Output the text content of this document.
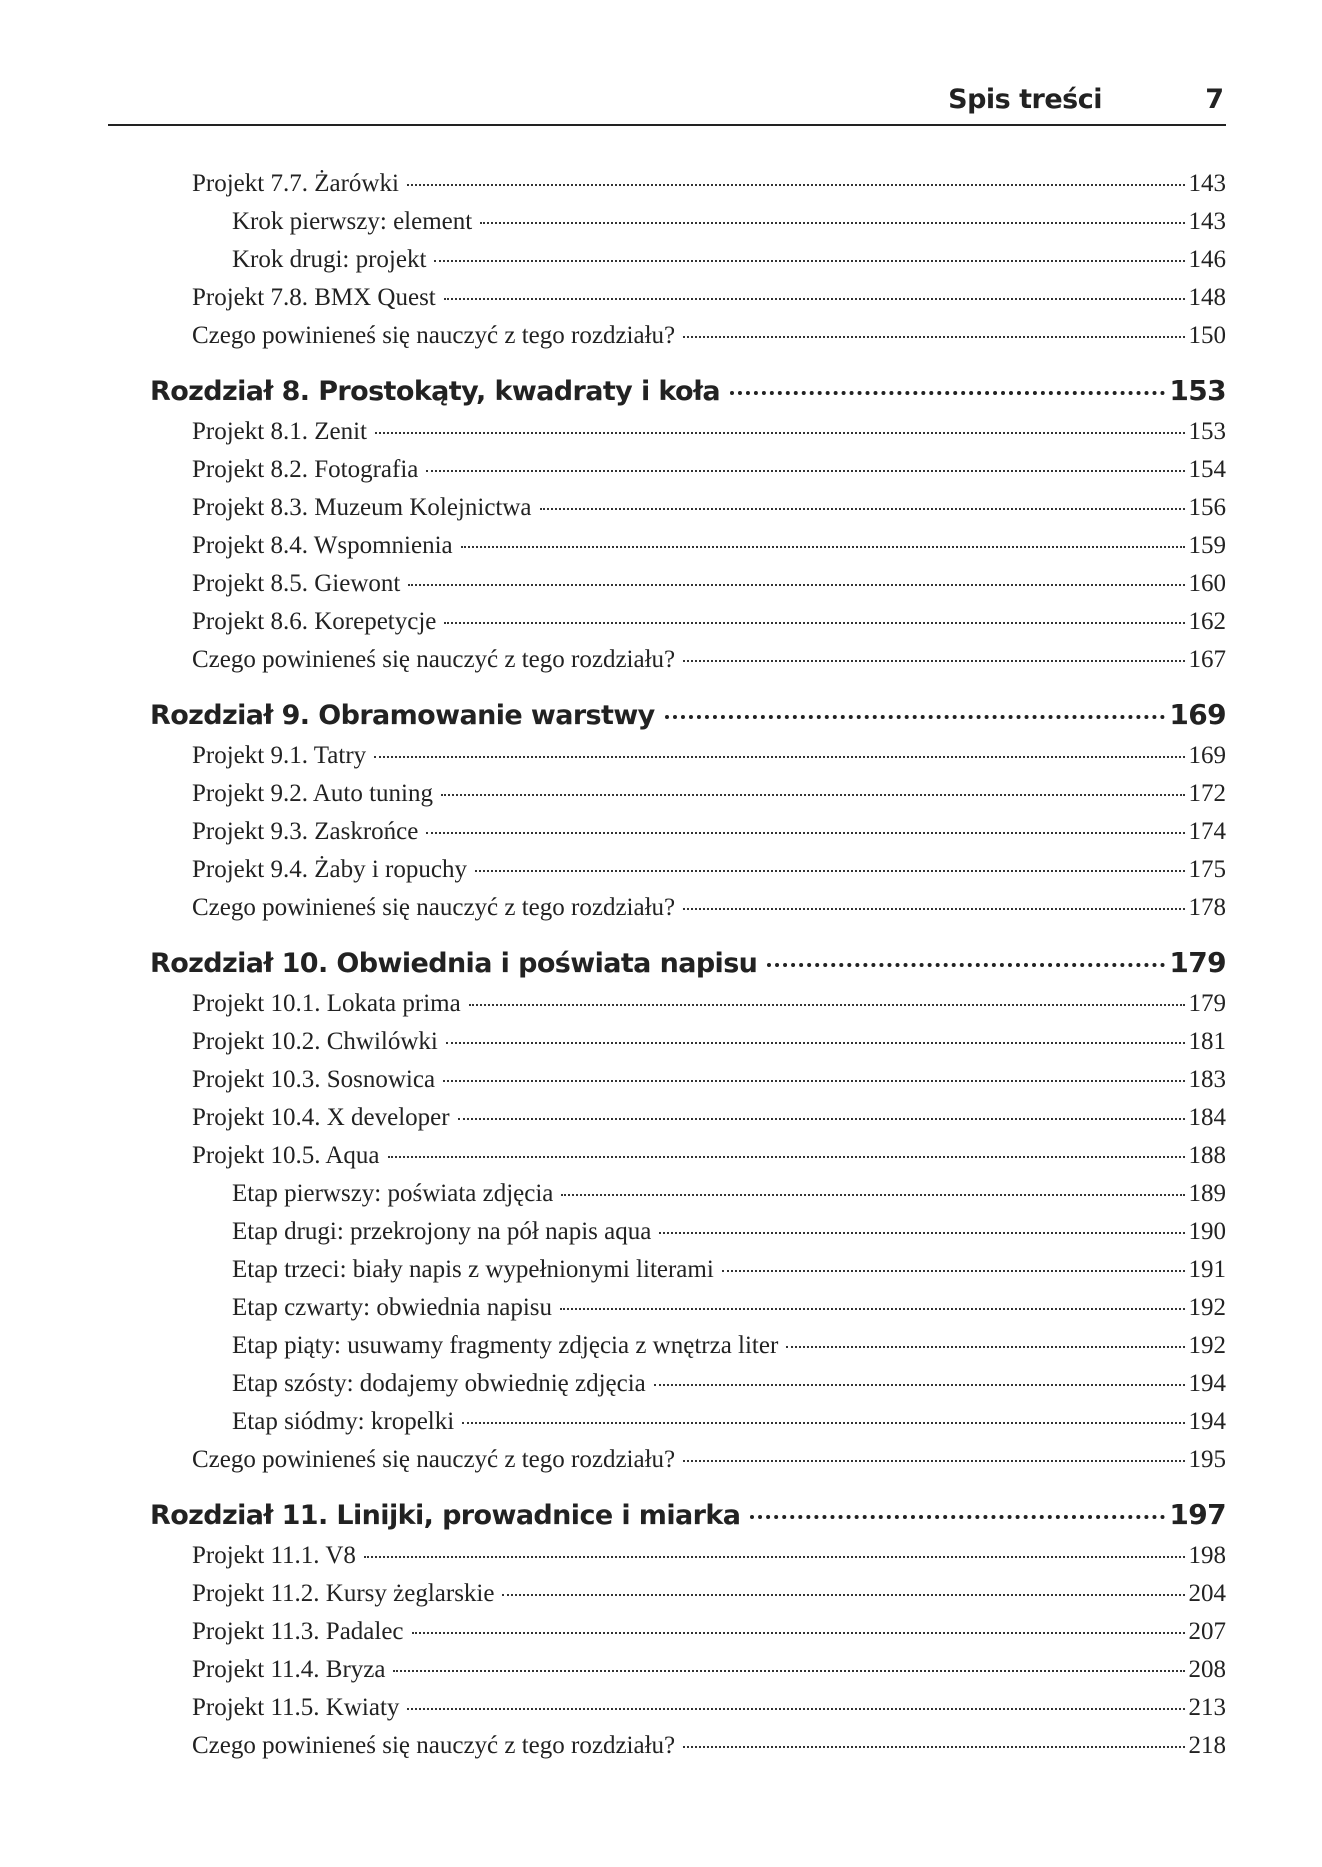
Spis treści	7
Projekt 7.7. Żarówki	143
Krok pierwszy: element	143
Krok drugi: projekt	146
Projekt 7.8. BMX Quest	148
Czego powinieneś się nauczyć z tego rozdziału?	150
Rozdział 8. Prostokąty, kwadraty i koła	153
Projekt 8.1. Zenit	153
Projekt 8.2. Fotografia	154
Projekt 8.3. Muzeum Kolejnictwa	156
Projekt 8.4. Wspomnienia	159
Projekt 8.5. Giewont	160
Projekt 8.6. Korepetycje	162
Czego powinieneś się nauczyć z tego rozdziału?	167
Rozdział 9. Obramowanie warstwy	169
Projekt 9.1. Tatry	169
Projekt 9.2. Auto tuning	172
Projekt 9.3. Zaskrońce	174
Projekt 9.4. Żaby i ropuchy	175
Czego powinieneś się nauczyć z tego rozdziału?	178
Rozdział 10. Obwiednia i poświata napisu	179
Projekt 10.1. Lokata prima	179
Projekt 10.2. Chwilówki	181
Projekt 10.3. Sosnowica	183
Projekt 10.4. X developer	184
Projekt 10.5. Aqua	188
Etap pierwszy: poświata zdjęcia	189
Etap drugi: przekrojony na pół napis aqua	190
Etap trzeci: biały napis z wypełnionymi literami	191
Etap czwarty: obwiednia napisu	192
Etap piąty: usuwamy fragmenty zdjęcia z wnętrza liter	192
Etap szósty: dodajemy obwiednię zdjęcia	194
Etap siódmy: kropelki	194
Czego powinieneś się nauczyć z tego rozdziału?	195
Rozdział 11. Linijki, prowadnice i miarka	197
Projekt 11.1. V8	198
Projekt 11.2. Kursy żeglarskie	204
Projekt 11.3. Padalec	207
Projekt 11.4. Bryza	208
Projekt 11.5. Kwiaty	213
Czego powinieneś się nauczyć z tego rozdziału?	218
